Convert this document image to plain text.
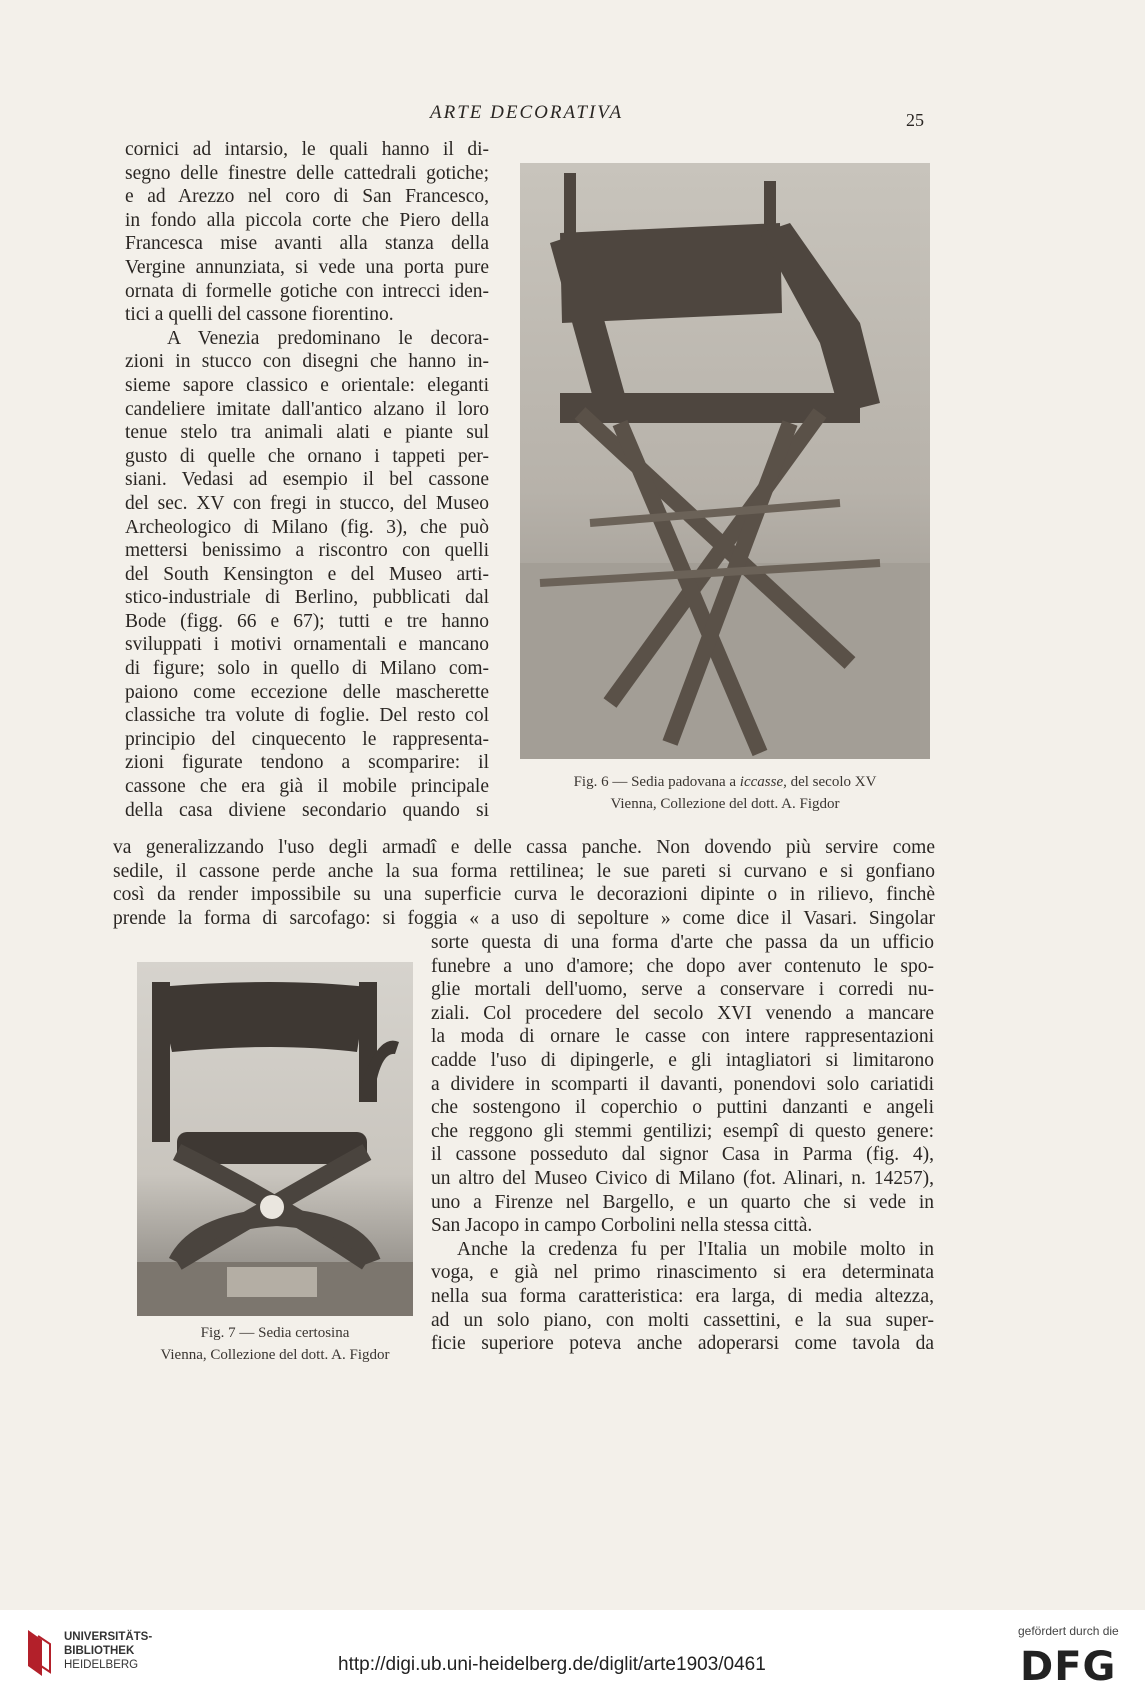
ARTE DECORATIVA	25
cornici ad intarsio, le quali hanno il di-
segno delle finestre delle cattedrali gotiche;
e ad Arezzo nel coro di San Francesco,
in fondo alla piccola corte che Piero della
Francesca mise avanti alla stanza della
Vergine annunziata, si vede una porta pure
ornata di formelle gotiche con intrecci iden-
tici a quelli del cassone fiorentino.
A Venezia predominano le decora-
zioni in stucco con disegni che hanno in-
sieme sapore classico e orientale: eleganti
candeliere imitate dall'antico alzano il loro
tenue stelo tra animali alati e piante sul
gusto di quelle che ornano i tappeti per-
siani. Vedasi ad esempio il bel cassone
del sec. XV con fregi in stucco, del Museo
Archeologico di Milano (fig. 3), che può
mettersi benissimo a riscontro con quelli
del South Kensington e del Museo arti-
stico-industriale di Berlino, pubblicati dal
Bode (figg. 66 e 67); tutti e tre hanno
sviluppati i motivi ornamentali e mancano
di figure; solo in quello di Milano com-
paiono come eccezione delle mascherette
classiche tra volute di foglie. Del resto col
principio del cinquecento le rappresenta-
zioni figurate tendono a scomparire: il
cassone che era già il mobile principale
della casa diviene secondario quando si
Fig. 6 — Sedia padovana a iccasse, del secolo XV
Vienna, Collezione del dott. A. Figdor
va generalizzando l'uso degli armadî e delle cassa panche. Non dovendo più servire come
sedile, il cassone perde anche la sua forma rettilinea; le sue pareti si curvano e si gonfiano
così da render impossibile su una superficie curva le decorazioni dipinte o in rilievo, finchè
prende la forma di sarcofago: si foggia « a uso di sepolture » come dice il Vasari. Singolar
Fig. 7 — Sedia certosina
Vienna, Collezione del dott. A. Figdor
sorte questa di una forma d'arte che passa da un ufficio
funebre a uno d'amore; che dopo aver contenuto le spo-
glie mortali dell'uomo, serve a conservare i corredi nu-
ziali. Col procedere del secolo XVI venendo a mancare
la moda di ornare le casse con intere rappresentazioni
cadde l'uso di dipingerle, e gli intagliatori si limitarono
a dividere in scomparti il davanti, ponendovi solo cariatidi
che sostengono il coperchio o puttini danzanti e angeli
che reggono gli stemmi gentilizi; esempî di questo genere:
il cassone posseduto dal signor Casa in Parma (fig. 4),
un altro del Museo Civico di Milano (fot. Alinari, n. 14257),
uno a Firenze nel Bargello, e un quarto che si vede in
San Jacopo in campo Corbolini nella stessa città.
Anche la credenza fu per l'Italia un mobile molto in
voga, e già nel primo rinascimento si era determinata
nella sua forma caratteristica: era larga, di media altezza,
ad un solo piano, con molti cassettini, e la sua super-
ficie superiore poteva anche adoperarsi come tavola da
UNIVERSITÄTS-
BIBLIOTHEK
HEIDELBERG	http://digi.ub.uni-heidelberg.de/diglit/arte1903/0461
gefördert durch die
DFG
